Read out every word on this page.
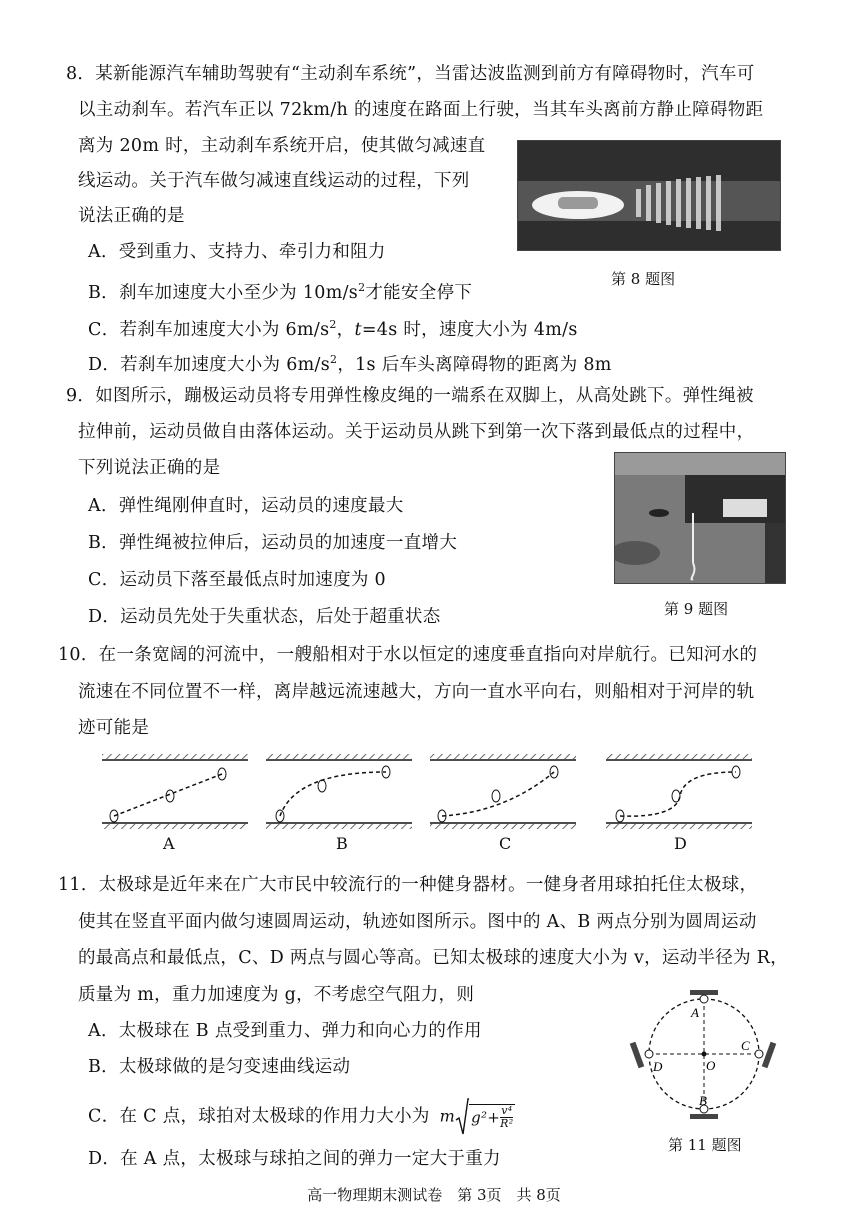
8．某新能源汽车辅助驾驶有“主动刹车系统”，当雷达波监测到前方有障碍物时，汽车可
以主动刹车。若汽车正以 72km/h 的速度在路面上行驶，当其车头离前方静止障碍物距
离为 20m 时，主动刹车系统开启，使其做匀减速直
线运动。关于汽车做匀减速直线运动的过程，下列
说法正确的是
第 8 题图
A．受到重力、支持力、牵引力和阻力
B．刹车加速度大小至少为 $10m/s^2$才能安全停下
C．若刹车加速度大小为 $6m/s^2$，t=4s 时，速度大小为 4m/s
D．若刹车加速度大小为 $6m/s^2$，1s 后车头离障碍物的距离为 8m
9．如图所示，蹦极运动员将专用弹性橡皮绳的一端系在双脚上，从高处跳下。弹性绳被
拉伸前，运动员做自由落体运动。关于运动员从跳下到第一次下落到最低点的过程中，
下列说法正确的是
第 9 题图
A．弹性绳刚伸直时，运动员的速度最大
B．弹性绳被拉伸后，运动员的加速度一直增大
C．运动员下落至最低点时加速度为 0
D．运动员先处于失重状态，后处于超重状态
10．在一条宽阔的河流中，一艘船相对于水以恒定的速度垂直指向对岸航行。已知河水的
流速在不同位置不一样，离岸越远流速越大，方向一直水平向右，则船相对于河岸的轨
迹可能是
A	B	C	D
11．太极球是近年来在广大市民中较流行的一种健身器材。一健身者用球拍托住太极球，
使其在竖直平面内做匀速圆周运动，轨迹如图所示。图中的 A、B 两点分别为圆周运动
的最高点和最低点，C、D 两点与圆心等高。已知太极球的速度大小为 v，运动半径为 R，
质量为 m，重力加速度为 g，不考虑空气阻力，则
A．太极球在 B 点受到重力、弹力和向心力的作用
B．太极球做的是匀变速曲线运动
C．在 C 点，球拍对太极球的作用力大小为 m $g^2+ \frac{\text{v⁴}}{\text{R²}}$
D．在 A 点，太极球与球拍之间的弹力一定大于重力
A
B
C
D	O
第 11 题图
高一物理期末测试卷　第 3页　共 8页
